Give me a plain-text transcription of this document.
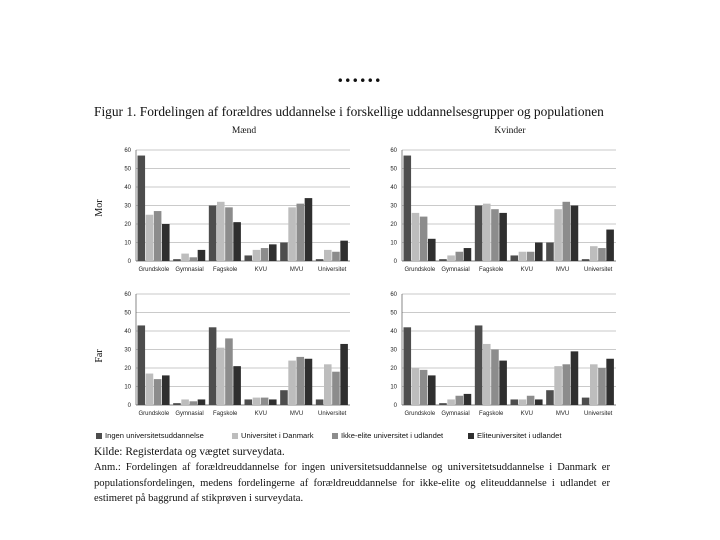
......
Figur 1. Fordelingen af forældres uddannelse i forskellige uddannelsesgrupper og populationen
Mænd
Mor
0
10
20
30
40
50
60
Grundskole Gymnasial Fagskole	KVU	MVU Universitet
Kvinder
0
10
20
30
40
50
60
Grundskole Gymnasial Fagskole	KVU	MVU Universitet
Far
0
10
20
30
40
50
60
Grundskole Gymnasial Fagskole	KVU	MVU Universitet
0
10
20
30
40
50
60
Grundskole Gymnasial Fagskole	KVU	MVU Universitet
Ingen universitetsuddannelse	Universitet i Danmark	Ikke-elite universitet i udlandet	Eliteuniversitet i udlandet
Kilde: Registerdata og vægtet surveydata.

Anm.: Fordelingen af forældreuddannelse for ingen universitetsuddannelse og universitetsuddannelse i Danmark er populationsfordelingen, medens fordelingerne af forældreuddannelse for ikke-elite og eliteuddannelse i udlandet er estimeret på baggrund af stikprøven i surveydata.
